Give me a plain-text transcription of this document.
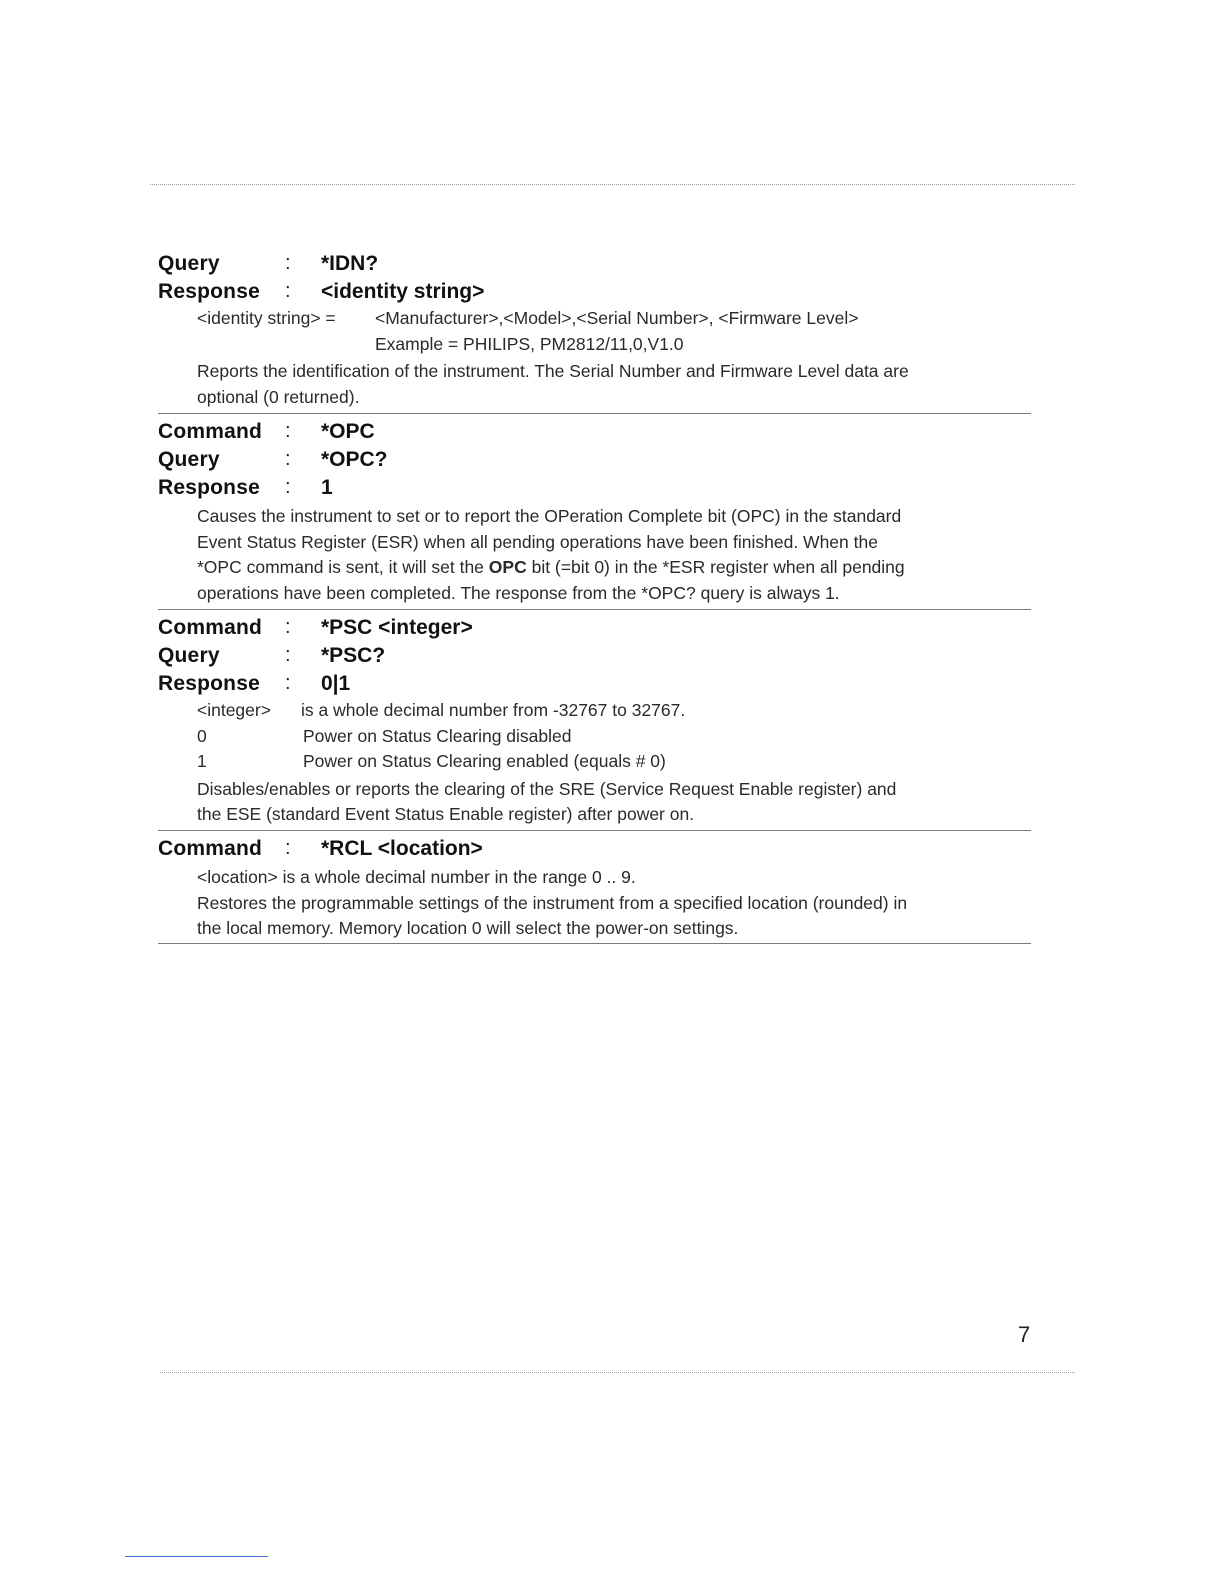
Query	: *IDN?
Response : <identity string>
<identity string> = <Manufacturer>,<Model>,<Serial Number>, <Firmware Level>
Example = PHILIPS, PM2812/11,0,V1.0
Reports the identification of the instrument. The Serial Number and Firmware Level data are
optional (0 returned).
Command : *OPC
Query	: *OPC?
Response : 1
Causes the instrument to set or to report the OPeration Complete bit (OPC) in the standard
Event Status Register (ESR) when all pending operations have been finished. When the
*OPC command is sent, it will set the OPC bit (=bit 0) in the *ESR register when all pending
operations have been completed. The response from the *OPC? query is always 1.
Command : *PSC <integer>
Query	: *PSC?
Response : 0|1
<integer> is a whole decimal number from -32767 to 32767.
0	Power on Status Clearing disabled
1	Power on Status Clearing enabled (equals # 0)
Disables/enables or reports the clearing of the SRE (Service Request Enable register) and
the ESE (standard Event Status Enable register) after power on.
Command : *RCL <location>
<location> is a whole decimal number in the range 0 .. 9.
Restores the programmable settings of the instrument from a specified location (rounded) in
the local memory. Memory location 0 will select the power-on settings.
7
